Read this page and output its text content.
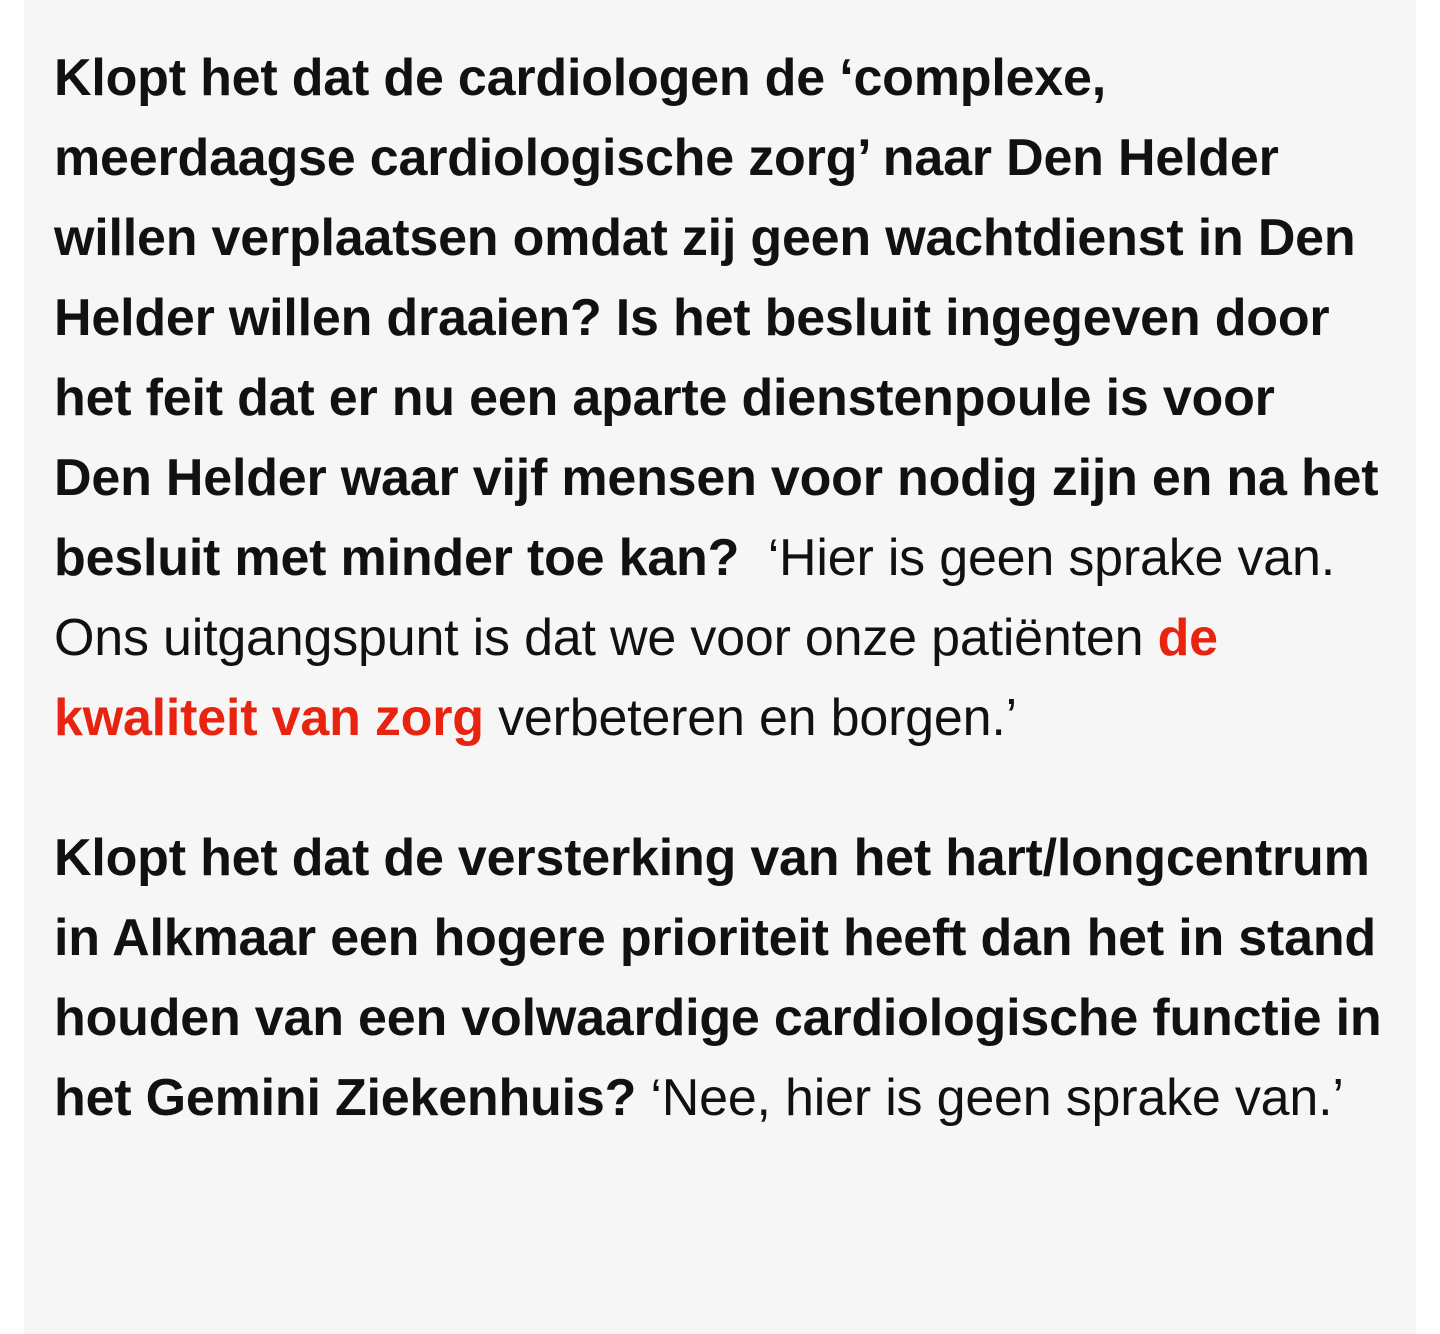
Klopt het dat de cardiologen de ‘complexe, meerdaagse cardiologische zorg’ naar Den Helder willen verplaatsen omdat zij geen wachtdienst in Den Helder willen draaien? Is het besluit ingegeven door het feit dat er nu een aparte dienstenpoule is voor Den Helder waar vijf mensen voor nodig zijn en na het besluit met minder toe kan? ‘Hier is geen sprake van. Ons uitgangspunt is dat we voor onze patiënten de kwaliteit van zorg verbeteren en borgen.’

Klopt het dat de versterking van het hart/longcentrum in Alkmaar een hogere prioriteit heeft dan het in stand houden van een volwaardige cardiologische functie in het Gemini Ziekenhuis? ‘Nee, hier is geen sprake van.’
